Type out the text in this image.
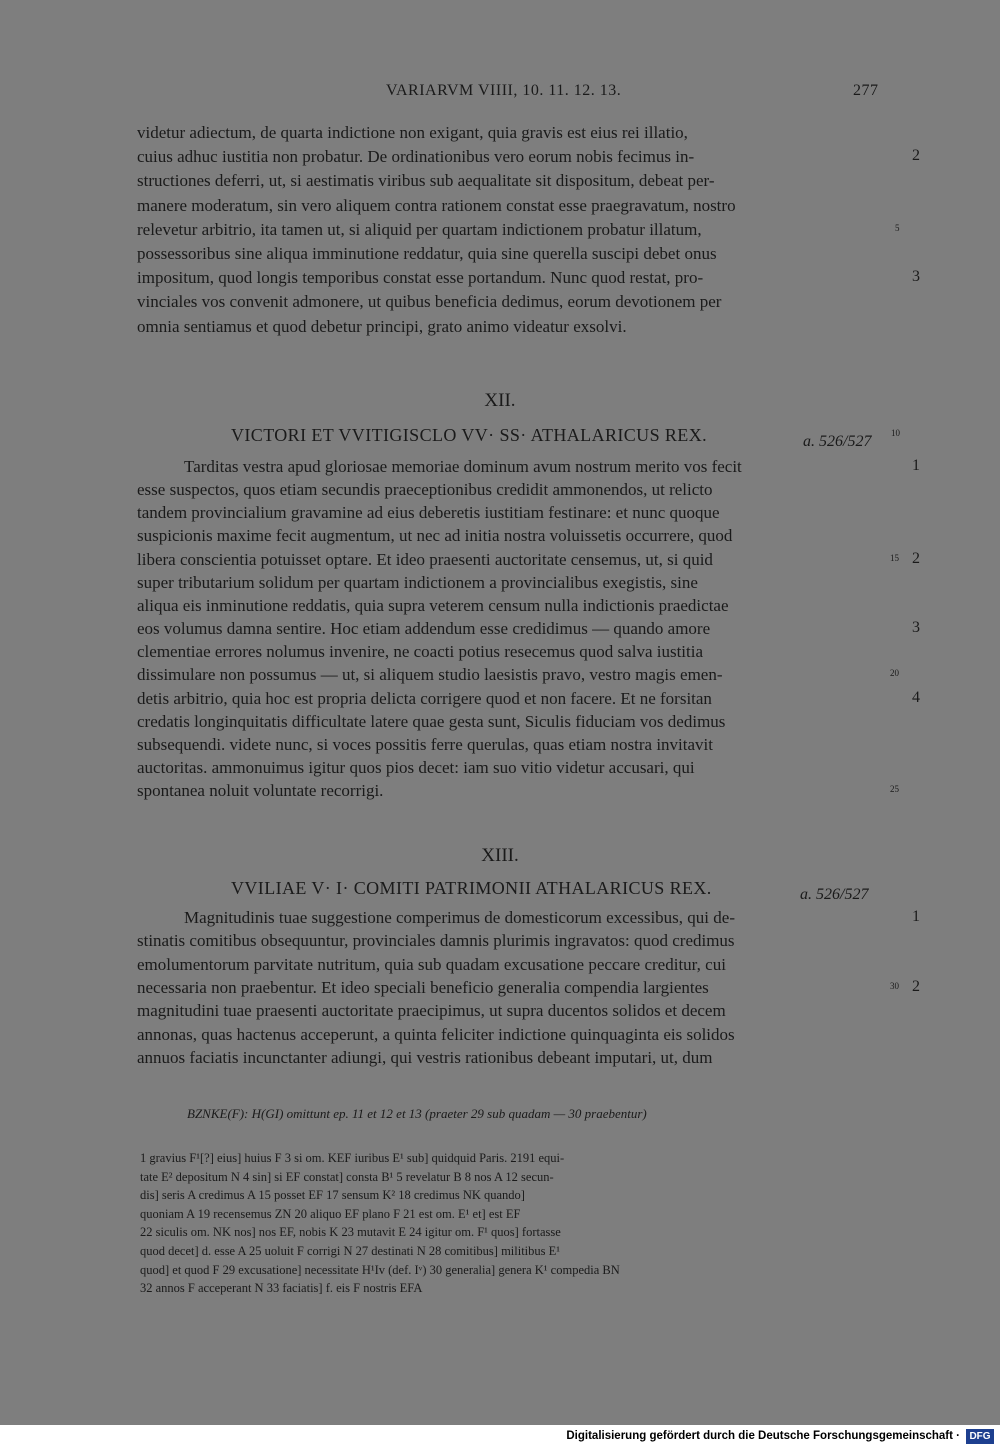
VARIARVM VIIII, 10. 11. 12. 13.	277
videtur adiectum, de quarta indictione non exigant, quia gravis est eius rei illatio,
cuius adhuc iustitia non probatur. De ordinationibus vero eorum nobis fecimus in-
structiones deferri, ut, si aestimatis viribus sub aequalitate sit dispositum, debeat per-
manere moderatum, sin vero aliquem contra rationem constat esse praegravatum, nostro
relevetur arbitrio, ita tamen ut, si aliquid per quartam indictionem probatur illatum,
possessoribus sine aliqua imminutione reddatur, quia sine querella suscipi debet onus
impositum, quod longis temporibus constat esse portandum. Nunc quod restat, pro-
vinciales vos convenit admonere, ut quibus beneficia dedimus, eorum devotionem per
omnia sentiamus et quod debetur principi, grato animo videatur exsolvi.
2
3
5
XII.
VICTORI ET VVITIGISCLO VV· SS· ATHALARICUS REX.	a. 526/527 10
Tarditas vestra apud gloriosae memoriae dominum avum nostrum merito vos fecit
esse suspectos, quos etiam secundis praeceptionibus credidit ammonendos, ut relicto
tandem provincialium gravamine ad eius deberetis iustitiam festinare: et nunc quoque
suspicionis maxime fecit augmentum, ut nec ad initia nostra voluissetis occurrere, quod
libera conscientia potuisset optare. Et ideo praesenti auctoritate censemus, ut, si quid
super tributarium solidum per quartam indictionem a provincialibus exegistis, sine
aliqua eis inminutione reddatis, quia supra veterem censum nulla indictionis praedictae
eos volumus damna sentire. Hoc etiam addendum esse credidimus — quando amore
clementiae errores nolumus invenire, ne coacti potius resecemus quod salva iustitia
dissimulare non possumus — ut, si aliquem studio laesistis pravo, vestro magis emen-
detis arbitrio, quia hoc est propria delicta corrigere quod et non facere. Et ne forsitan
credatis longinquitatis difficultate latere quae gesta sunt, Siculis fiduciam vos dedimus
subsequendi. videte nunc, si voces possitis ferre querulas, quas etiam nostra invitavit
auctoritas. ammonuimus igitur quos pios decet: iam suo vitio videtur accusari, qui
spontanea noluit voluntate recorrigi.
1
2
3
4
15
20
25
XIII.
VVILIAE V· I· COMITI PATRIMONII ATHALARICUS REX.	a. 526/527
Magnitudinis tuae suggestione comperimus de domesticorum excessibus, qui de-
stinatis comitibus obsequuntur, provinciales damnis plurimis ingravatos: quod credimus
emolumentorum parvitate nutritum, quia sub quadam excusatione peccare creditur, cui
necessaria non praebentur. Et ideo speciali beneficio generalia compendia largientes
magnitudini tuae praesenti auctoritate praecipimus, ut supra ducentos solidos et decem
annonas, quas hactenus acceperunt, a quinta feliciter indictione quinquaginta eis solidos
annuos faciatis incunctanter adiungi, qui vestris rationibus debeant imputari, ut, dum
1
2
30
BZNKE(F): H(GI) omittunt ep. 11 et 12 et 13 (praeter 29 sub quadam — 30 praebentur)
1 gravius F¹[?] eius] huius F 3 si om. KEF iuribus E¹ sub] quidquid Paris. 2191 equi-
tate E² depositum N 4 sin] si EF constat] consta B¹ 5 revelatur B 8 nos A 12 secun-
dis] seris A credimus A 15 posset EF 17 sensum K² 18 credimus NK quando]
quoniam A 19 recensemus ZN 20 aliquo EF plano F 21 est om. E¹ et] est EF
22 siculis om. NK nos] nos EF, nobis K 23 mutavit E 24 igitur om. F¹ quos] fortasse
quod decet] d. esse A 25 uoluit F corrigi N 27 destinati N 28 comitibus] militibus E¹
quod] et quod F 29 excusatione] necessitate H¹Iv (def. Iᵛ) 30 generalia] genera K¹ compedia BN
32 annos F acceperant N 33 faciatis] f. eis F nostris EFA
Digitalisierung gefördert durch die Deutsche Forschungsgemeinschaft · DFG
